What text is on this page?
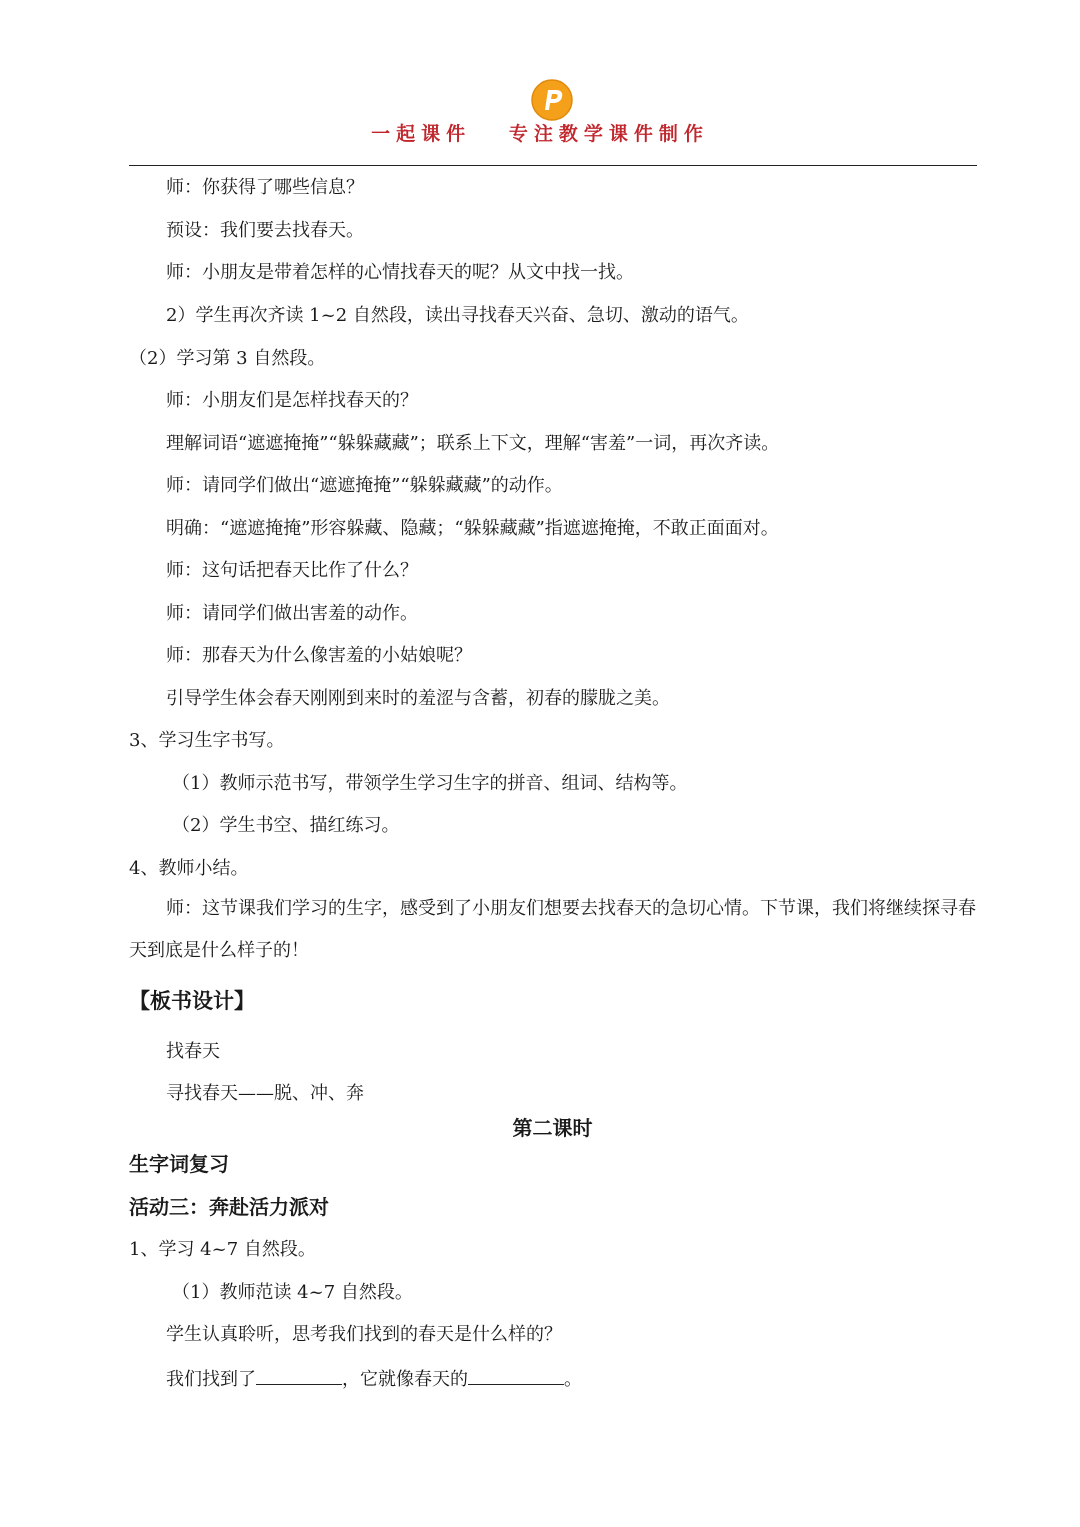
一起课件   专注教学课件制作
师：你获得了哪些信息？
预设：我们要去找春天。
师：小朋友是带着怎样的心情找春天的呢？从文中找一找。
2）学生再次齐读 1~2 自然段，读出寻找春天兴奋、急切、激动的语气。
（2）学习第 3 自然段。
师：小朋友们是怎样找春天的？
理解词语“遮遮掩掩”“躲躲藏藏”；联系上下文，理解“害羞”一词，再次齐读。
师：请同学们做出“遮遮掩掩”“躲躲藏藏”的动作。
明确：“遮遮掩掩”形容躲藏、隐藏；“躲躲藏藏”指遮遮掩掩，不敢正面面对。
师：这句话把春天比作了什么？
师：请同学们做出害羞的动作。
师：那春天为什么像害羞的小姑娘呢？
引导学生体会春天刚刚到来时的羞涩与含蓄，初春的朦胧之美。
3、学习生字书写。
（1）教师示范书写，带领学生学习生字的拼音、组词、结构等。
（2）学生书空、描红练习。
4、教师小结。
师：这节课我们学习的生字，感受到了小朋友们想要去找春天的急切心情。下节课，我们将继续探寻春天到底是什么样子的！
【板书设计】
找春天
寻找春天——脱、冲、奔
第二课时
生字词复习
活动三：奔赴活力派对
1、学习 4~7 自然段。
（1）教师范读 4~7 自然段。
学生认真聆听，思考我们找到的春天是什么样的？
我们找到了	，它就像春天的	。
